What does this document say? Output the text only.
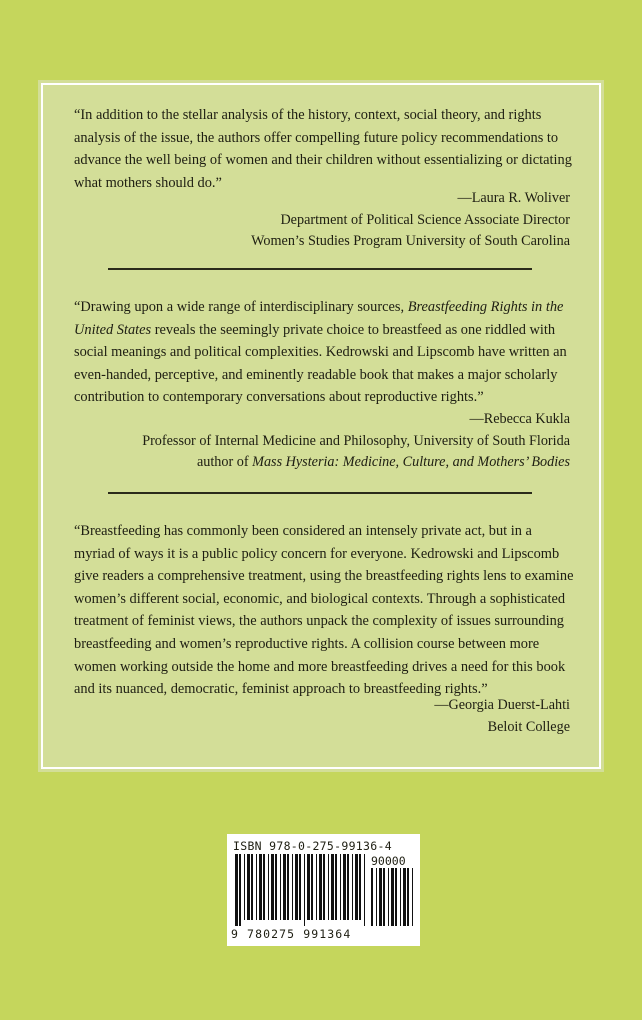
“In addition to the stellar analysis of the history, context, social theory, and rights analysis of the issue, the authors offer compelling future policy recommendations to advance the well being of women and their children without essentializing or dictating what mothers should do.”

—Laura R. Woliver
Department of Political Science Associate Director
Women’s Studies Program University of South Carolina

“Drawing upon a wide range of interdisciplinary sources, Breastfeeding Rights in the United States reveals the seemingly private choice to breastfeed as one riddled with social meanings and political complexities. Kedrowski and Lipscomb have written an even-handed, perceptive, and eminently readable book that makes a major scholarly contribution to contemporary conversations about reproductive rights.”

—Rebecca Kukla
Professor of Internal Medicine and Philosophy, University of South Florida
author of Mass Hysteria: Medicine, Culture, and Mothers’ Bodies

“Breastfeeding has commonly been considered an intensely private act, but in a myriad of ways it is a public policy concern for everyone. Kedrowski and Lipscomb give readers a comprehensive treatment, using the breastfeeding rights lens to examine women’s different social, economic, and biological contexts. Through a sophisticated treatment of feminist views, the authors unpack the complexity of issues surrounding breastfeeding and women’s reproductive rights. A collision course between more women working outside the home and more breastfeeding drives a need for this book and its nuanced, democratic, feminist approach to breastfeeding rights.”

—Georgia Duerst-Lahti
Beloit College
ISBN 978-0-275-99136-4
90000
9 780275 991364
